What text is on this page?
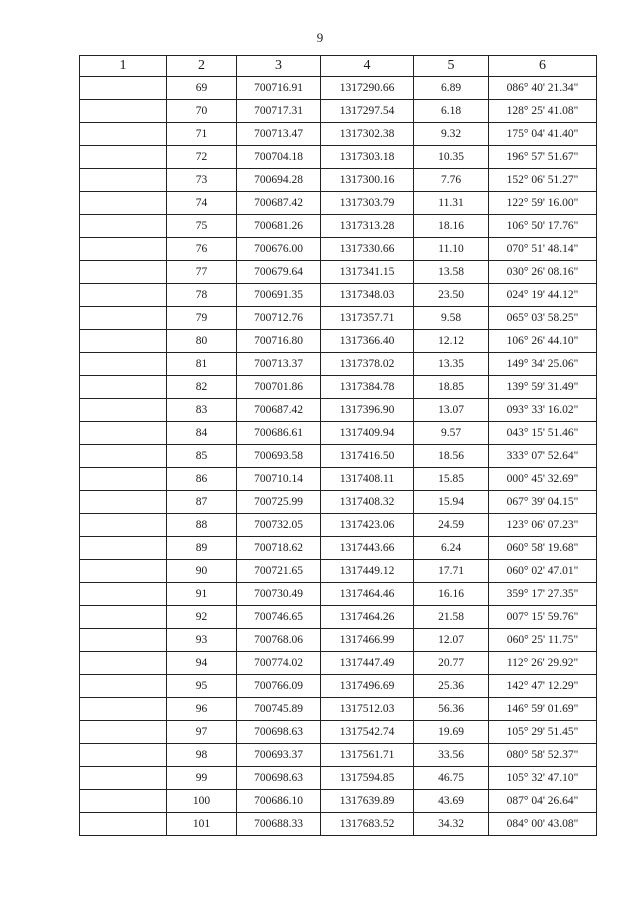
9
1	2	3	4	5	6
	69	700716.91	1317290.66	6.89	086° 40' 21.34"
	70	700717.31	1317297.54	6.18	128° 25' 41.08"
	71	700713.47	1317302.38	9.32	175° 04' 41.40"
	72	700704.18	1317303.18	10.35	196° 57' 51.67"
	73	700694.28	1317300.16	7.76	152° 06' 51.27"
	74	700687.42	1317303.79	11.31	122° 59' 16.00"
	75	700681.26	1317313.28	18.16	106° 50' 17.76"
	76	700676.00	1317330.66	11.10	070° 51' 48.14"
	77	700679.64	1317341.15	13.58	030° 26' 08.16"
	78	700691.35	1317348.03	23.50	024° 19' 44.12"
	79	700712.76	1317357.71	9.58	065° 03' 58.25"
	80	700716.80	1317366.40	12.12	106° 26' 44.10"
	81	700713.37	1317378.02	13.35	149° 34' 25.06"
	82	700701.86	1317384.78	18.85	139° 59' 31.49"
	83	700687.42	1317396.90	13.07	093° 33' 16.02"
	84	700686.61	1317409.94	9.57	043° 15' 51.46"
	85	700693.58	1317416.50	18.56	333° 07' 52.64"
	86	700710.14	1317408.11	15.85	000° 45' 32.69"
	87	700725.99	1317408.32	15.94	067° 39' 04.15"
	88	700732.05	1317423.06	24.59	123° 06' 07.23"
	89	700718.62	1317443.66	6.24	060° 58' 19.68"
	90	700721.65	1317449.12	17.71	060° 02' 47.01"
	91	700730.49	1317464.46	16.16	359° 17' 27.35"
	92	700746.65	1317464.26	21.58	007° 15' 59.76"
	93	700768.06	1317466.99	12.07	060° 25' 11.75"
	94	700774.02	1317447.49	20.77	112° 26' 29.92"
	95	700766.09	1317496.69	25.36	142° 47' 12.29"
	96	700745.89	1317512.03	56.36	146° 59' 01.69"
	97	700698.63	1317542.74	19.69	105° 29' 51.45"
	98	700693.37	1317561.71	33.56	080° 58' 52.37"
	99	700698.63	1317594.85	46.75	105° 32' 47.10"
	100	700686.10	1317639.89	43.69	087° 04' 26.64"
	101	700688.33	1317683.52	34.32	084° 00' 43.08"
